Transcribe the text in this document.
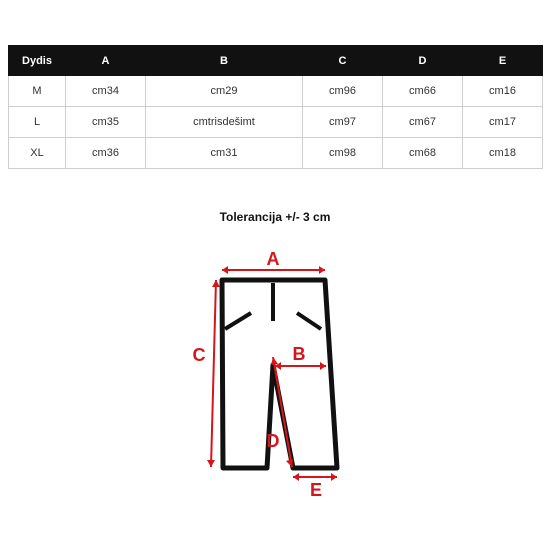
Dydis	A	B	C	D	E
M	cm34	cm29	cm96	cm66	cm16
L	cm35	cmtrisdešimt	cm97	cm67	cm17
XL	cm36	cm31	cm98	cm68	cm18
Tolerancija +/- 3 cm
A
B
C
D
E
